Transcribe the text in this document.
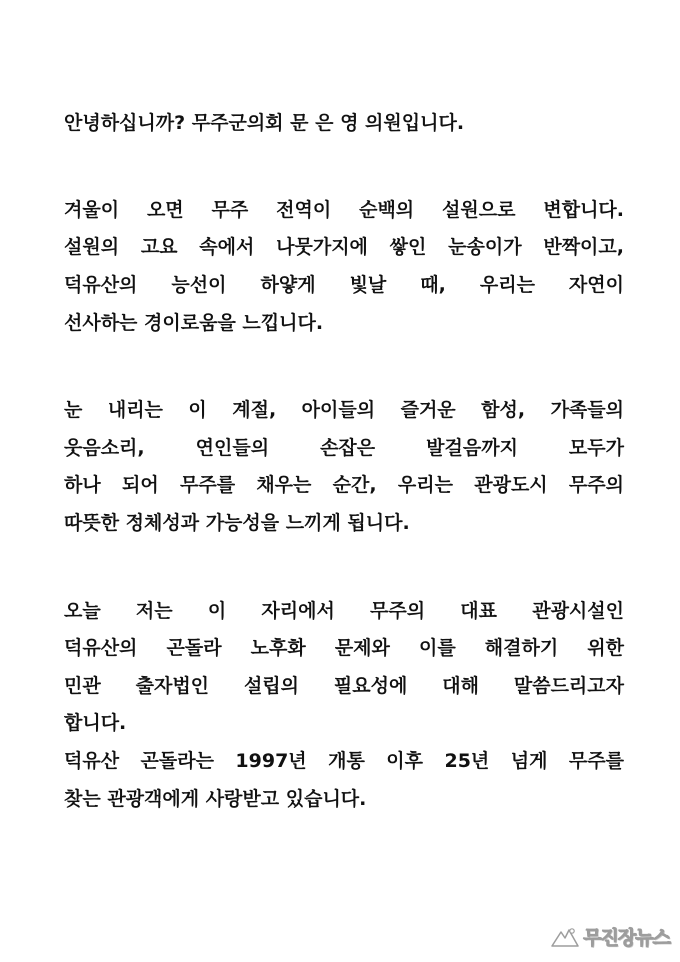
안녕하십니까? 무주군의회 문 은 영 의원입니다.
겨울이 오면 무주 전역이 순백의 설원으로 변합니다.
설원의 고요 속에서 나뭇가지에 쌓인 눈송이가 반짝이고,
덕유산의 능선이 하얗게 빛날 때, 우리는 자연이
선사하는 경이로움을 느낍니다.
눈 내리는 이 계절, 아이들의 즐거운 함성, 가족들의
웃음소리, 연인들의 손잡은 발걸음까지 모두가
하나 되어 무주를 채우는 순간, 우리는 관광도시 무주의
따뜻한 정체성과 가능성을 느끼게 됩니다.
오늘 저는 이 자리에서 무주의 대표 관광시설인
덕유산의 곤돌라 노후화 문제와 이를 해결하기 위한
민관 출자법인 설립의 필요성에 대해 말씀드리고자
합니다.
덕유산 곤돌라는 1997년 개통 이후 25년 넘게 무주를
찾는 관광객에게 사랑받고 있습니다.
무진장뉴스
